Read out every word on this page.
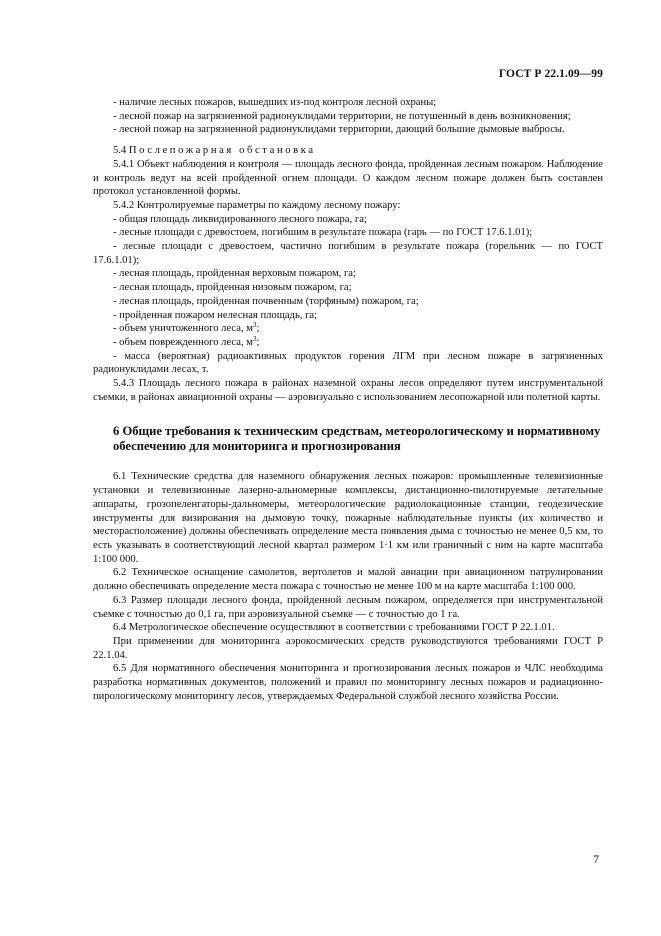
ГОСТ Р 22.1.09—99

- наличие лесных пожаров, вышедших из-под контроля лесной охраны;

- лесной пожар на загрязненной радионуклидами территории, не потушенный в день возникновения;

- лесной пожар на загрязненной радионуклидами территории, дающий большие дымовые выбросы.

5.4 Послепожарная обстановка

5.4.1 Объект наблюдения и контроля — площадь лесного фонда, пройденная лесным пожаром. Наблюдение и контроль ведут на всей пройденной огнем площади. О каждом лесном пожаре должен быть составлен протокол установленной формы.

5.4.2 Контролируемые параметры по каждому лесному пожару:

- общая площадь ликвидированного лесного пожара, га;

- лесные площади с древостоем, погибшим в результате пожара (гарь — по ГОСТ 17.6.1.01);

- лесные площади с древостоем, частично погибшим в результате пожара (горельник — по ГОСТ 17.6.1.01);

- лесная площадь, пройденная верховым пожаром, га;

- лесная площадь, пройденная низовым пожаром, га;

- лесная площадь, пройденная почвенным (торфяным) пожаром, га;

- пройденная пожаром нелесная площадь, га;

- объем уничтоженного леса, $м^3$;

- объем поврежденного леса, $м^3$;

- масса (вероятная) радиоактивных продуктов горения ЛГМ при лесном пожаре в загрязненных радионуклидами лесах, т.

5.4.3 Площадь лесного пожара в районах наземной охраны лесов определяют путем инструментальной съемки, в районах авиационной охраны — аэровизуально с использованием лесопожарной или полетной карты.

6 Общие требования к техническим средствам, метеорологическому и нормативному обеспечению для мониторинга и прогнозирования

6.1 Технические средства для наземного обнаружения лесных пожаров: промышленные телевизионные установки и телевизионные лазерно-альномерные комплексы, дистанционно-пилотируемые летательные аппараты, грозопеленгаторы-дальномеры, метеорологические радиолокационные станции, геодезические инструменты для визирования на дымовую точку, пожарные наблюдательные пункты (их количество и месторасположение) должны обеспечивать определение места появления дыма с точностью не менее 0,5 км, то есть указывать в соответствующий лесной квартал размером 1·1 км или граничный с ним на карте масштаба 1:100 000.

6.2 Техническое оснащение самолетов, вертолетов и малой авиации при авиационном патрулировании должно обеспечивать определение места пожара с точностью не менее 100 м на карте масштаба 1:100 000.

6.3 Размер площади лесного фонда, пройденной лесным пожаром, определяется при инструментальной съемке с точностью до 0,1 га, при аэровизуальной съемке — с точностью до 1 га.

6.4 Метрологическое обеспечение осуществляют в соответствии с требованиями ГОСТ Р 22.1.01.

При применении для мониторинга аэрокосмических средств руководствуются требованиями ГОСТ Р 22.1.04.

6.5 Для нормативного обеспечения мониторинга и прогнозирования лесных пожаров и ЧЛС необходима разработка нормативных документов, положений и правил по мониторингу лесных пожаров и радиационно-пирологическому мониторингу лесов, утверждаемых Федеральной службой лесного хозяйства России.

7
